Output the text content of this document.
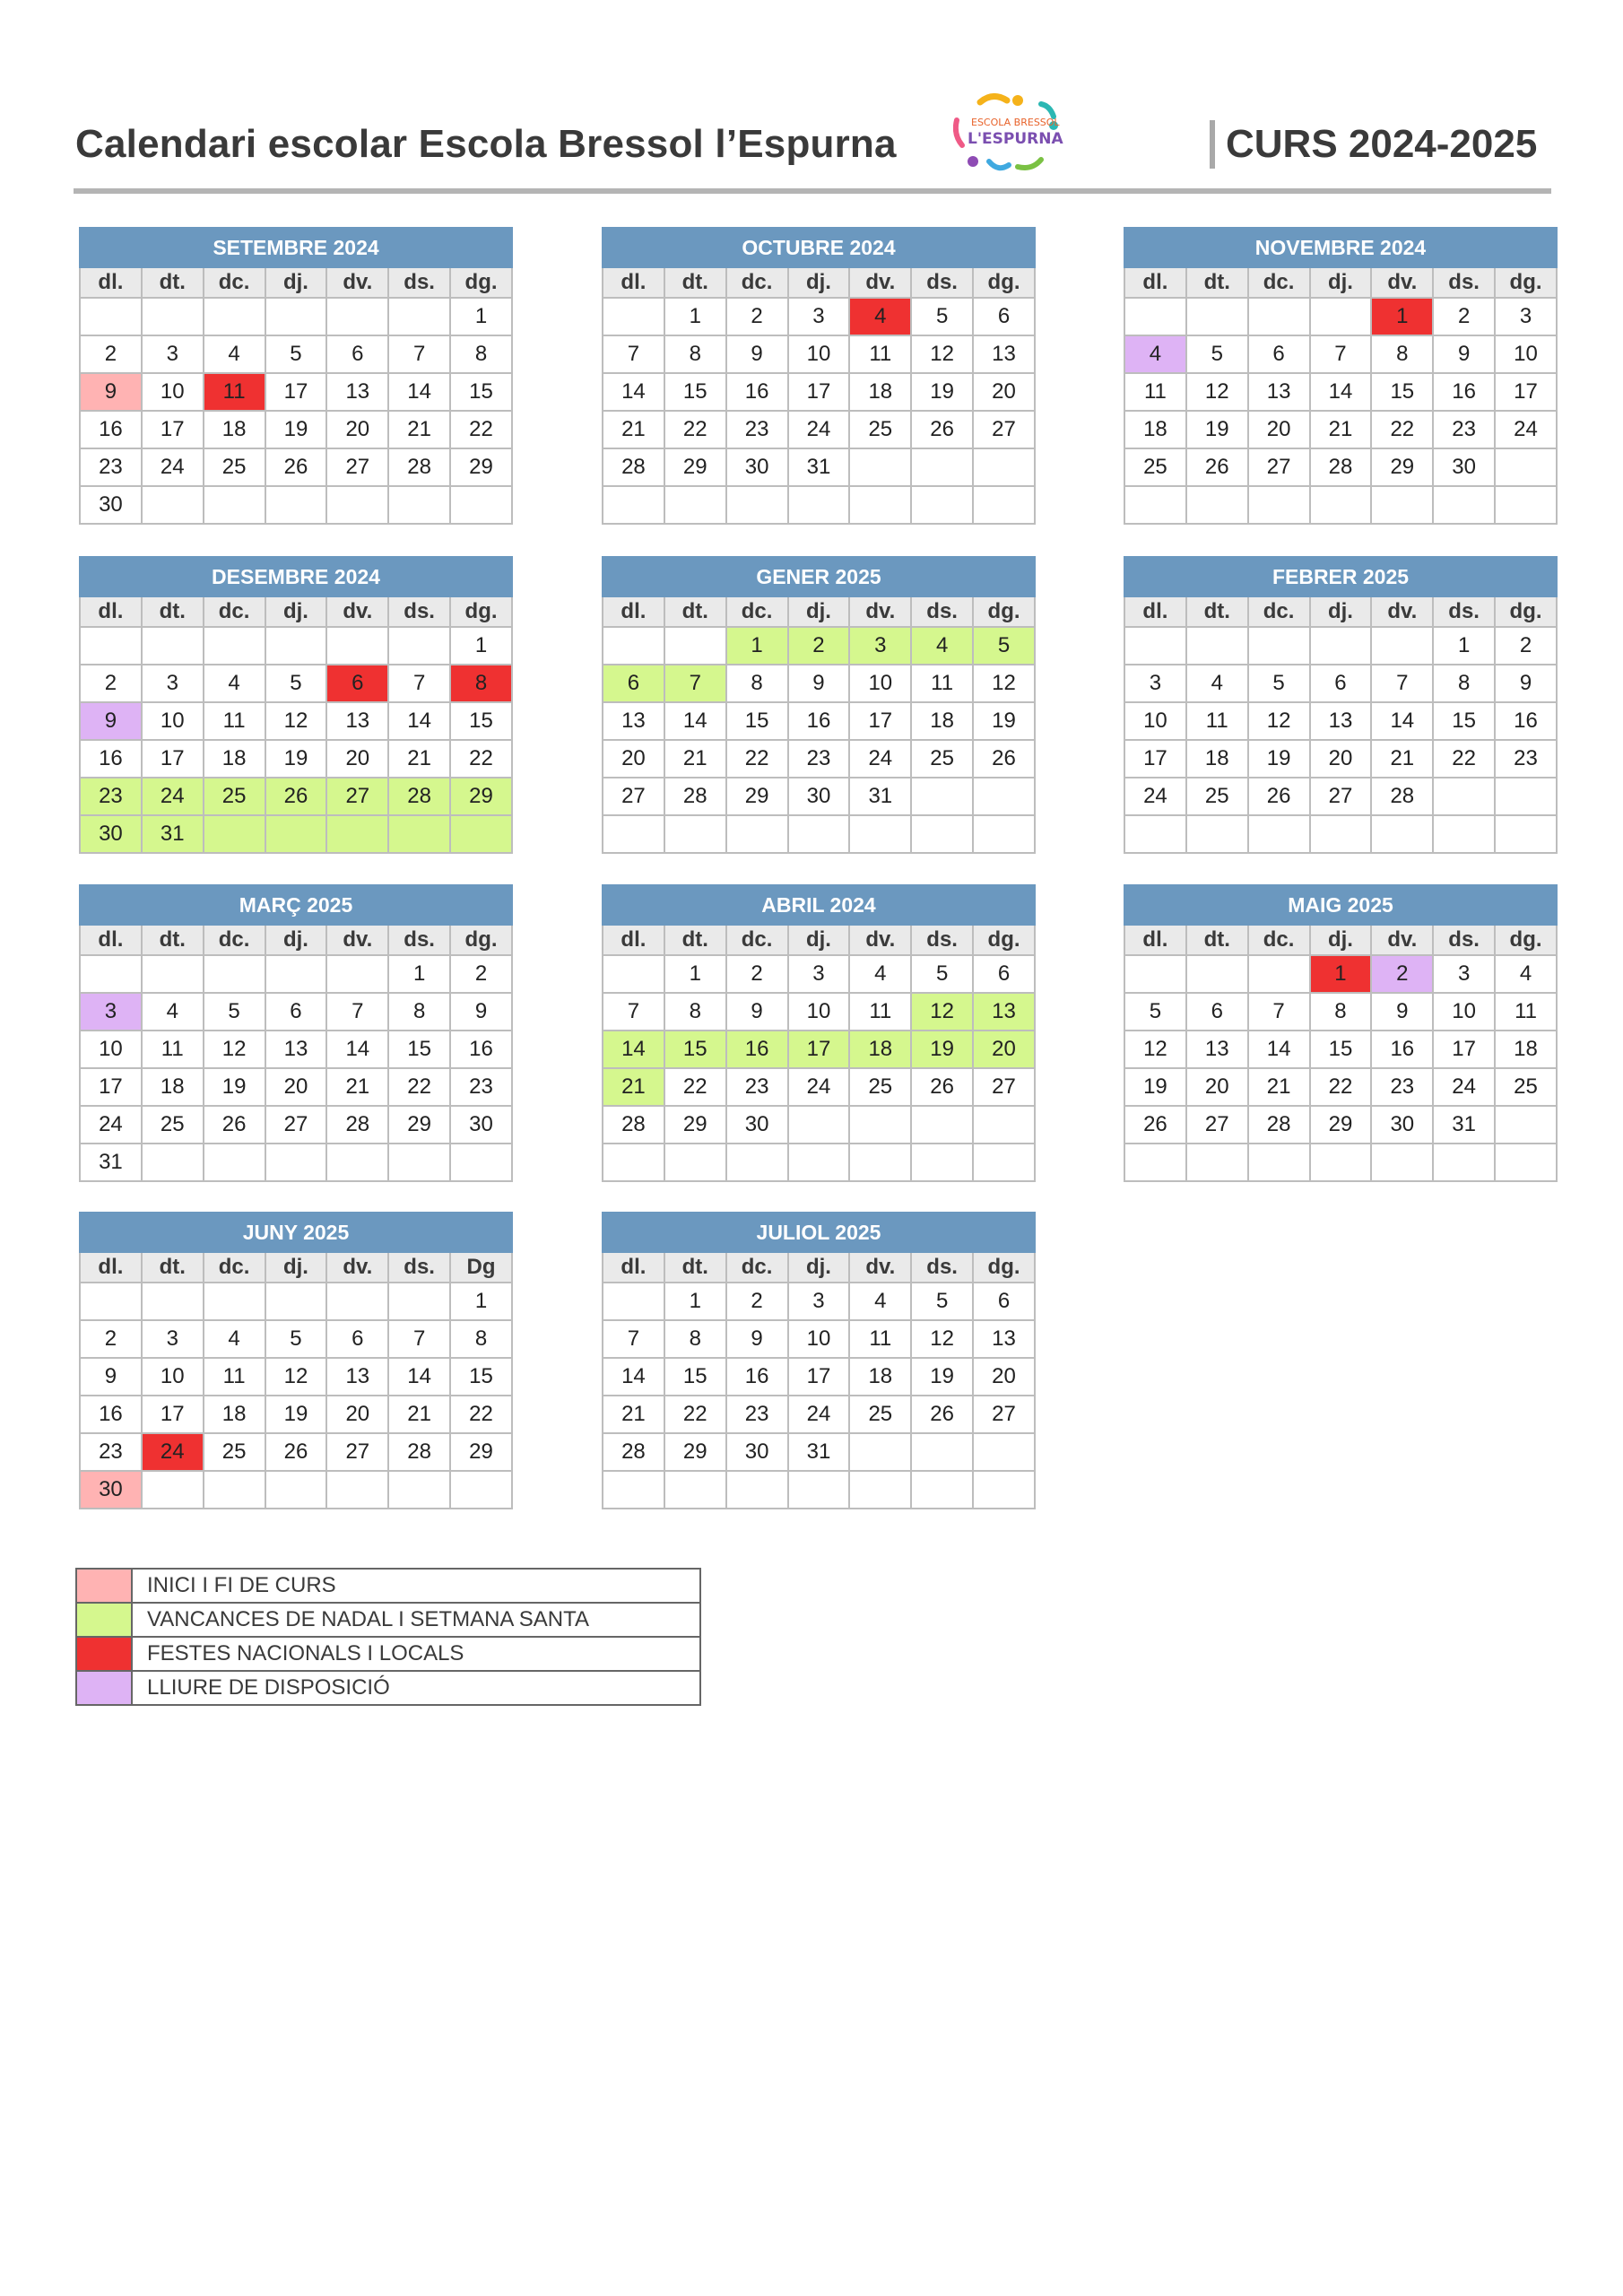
Calendari escolar Escola Bressol l’Espurna	ESCOLA BRESSOL
L'ESPURNA	CURS 2024-2025
SETEMBRE 2024						
dl.	dt.	dc.	dj.	dv.	ds.	dg.
						1
2	3	4	5	6	7	8
9	10	11	17	13	14	15
16	17	18	19	20	21	22
23	24	25	26	27	28	29
30						
OCTUBRE 2024						
dl.	dt.	dc.	dj.	dv.	ds.	dg.
	1	2	3	4	5	6
7	8	9	10	11	12	13
14	15	16	17	18	19	20
21	22	23	24	25	26	27
28	29	30	31			

NOVEMBRE 2024						
dl.	dt.	dc.	dj.	dv.	ds.	dg.
				1	2	3
4	5	6	7	8	9	10
11	12	13	14	15	16	17
18	19	20	21	22	23	24
25	26	27	28	29	30	

DESEMBRE 2024						
dl.	dt.	dc.	dj.	dv.	ds.	dg.
						1
2	3	4	5	6	7	8
9	10	11	12	13	14	15
16	17	18	19	20	21	22
23	24	25	26	27	28	29
30	31					
GENER 2025						
dl.	dt.	dc.	dj.	dv.	ds.	dg.
		1	2	3	4	5
6	7	8	9	10	11	12
13	14	15	16	17	18	19
20	21	22	23	24	25	26
27	28	29	30	31		

FEBRER 2025						
dl.	dt.	dc.	dj.	dv.	ds.	dg.
					1	2
3	4	5	6	7	8	9
10	11	12	13	14	15	16
17	18	19	20	21	22	23
24	25	26	27	28		

MARÇ 2025						
dl.	dt.	dc.	dj.	dv.	ds.	dg.
					1	2
3	4	5	6	7	8	9
10	11	12	13	14	15	16
17	18	19	20	21	22	23
24	25	26	27	28	29	30
31						
ABRIL 2024						
dl.	dt.	dc.	dj.	dv.	ds.	dg.
	1	2	3	4	5	6
7	8	9	10	11	12	13
14	15	16	17	18	19	20
21	22	23	24	25	26	27
28	29	30				

MAIG 2025						
dl.	dt.	dc.	dj.	dv.	ds.	dg.
			1	2	3	4
5	6	7	8	9	10	11
12	13	14	15	16	17	18
19	20	21	22	23	24	25
26	27	28	29	30	31	

JUNY 2025						
dl.	dt.	dc.	dj.	dv.	ds.	Dg
						1
2	3	4	5	6	7	8
9	10	11	12	13	14	15
16	17	18	19	20	21	22
23	24	25	26	27	28	29
30						
JULIOL 2025						
dl.	dt.	dc.	dj.	dv.	ds.	dg.
	1	2	3	4	5	6
7	8	9	10	11	12	13
14	15	16	17	18	19	20
21	22	23	24	25	26	27
28	29	30	31			

	INICI I FI DE CURS
	VANCANCES DE NADAL I SETMANA SANTA
	FESTES NACIONALS I LOCALS
	LLIURE DE DISPOSICIÓ
